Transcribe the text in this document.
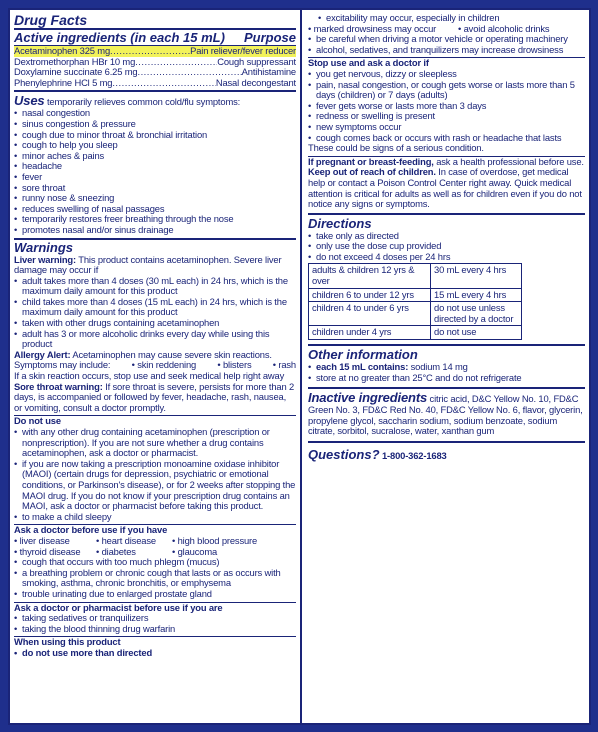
Drug Facts
Active ingredients (in each 15 mL) Purpose
Acetaminophen 325 mg .....	Pain reliever/fever reducer
Dextromethorphan HBr 10 mg .....	Cough suppressant
Doxylamine succinate 6.25 mg .....	Antihistamine
Phenylephrine HCl 5 mg .....	Nasal decongestant
Uses temporarily relieves common cold/flu symptoms:
• nasal congestion
• sinus congestion & pressure
• cough due to minor throat & bronchial irritation
• cough to help you sleep
• minor aches & pains
• headache
• fever
• sore throat
• runny nose & sneezing
• reduces swelling of nasal passages
• temporarily restores freer breathing through the nose
• promotes nasal and/or sinus drainage
Warnings
Liver warning: This product contains acetaminophen. Severe liver damage may occur if
• adult takes more than 4 doses (30 mL each) in 24 hrs, which is the maximum daily amount for this product
• child takes more than 4 doses (15 mL each) in 24 hrs, which is the maximum daily amount for this product
• taken with other drugs containing acetaminophen
• adult has 3 or more alcoholic drinks every day while using this product
Allergy Alert: Acetaminophen may cause severe skin reactions.
Symptoms may include: • skin reddening • blisters • rash
If a skin reaction occurs, stop use and seek medical help right away
Sore throat warning: If sore throat is severe, persists for more than 2 days, is accompanied or followed by fever, headache, rash, nausea, or vomiting, consult a doctor promptly.
Do not use
• with any other drug containing acetaminophen (prescription or nonprescription). If you are not sure whether a drug contains acetaminophen, ask a doctor or pharmacist.
• if you are now taking a prescription monoamine oxidase inhibitor (MAOI) (certain drugs for depression, psychiatric or emotional conditions, or Parkinson's disease), or for 2 weeks after stopping the MAOI drug. If you do not know if your prescription drug contains an MAOI, ask a doctor or pharmacist before taking this product.
• to make a child sleepy
Ask a doctor before use if you have
• liver disease	• heart disease	• high blood pressure
• thyroid disease	• diabetes	• glaucoma
• cough that occurs with too much phlegm (mucus)
• a breathing problem or chronic cough that lasts or as occurs with smoking, asthma, chronic bronchitis, or emphysema
• trouble urinating due to enlarged prostate gland
Ask a doctor or pharmacist before use if you are
• taking sedatives or tranquilizers
• taking the blood thinning drug warfarin
When using this product
• do not use more than directed
• excitability may occur, especially in children
• marked drowsiness may occur	• avoid alcoholic drinks
• be careful when driving a motor vehicle or operating machinery
• alcohol, sedatives, and tranquilizers may increase drowsiness
Stop use and ask a doctor if
• you get nervous, dizzy or sleepless
• pain, nasal congestion, or cough gets worse or lasts more than 5 days (children) or 7 days (adults)
• fever gets worse or lasts more than 3 days
• redness or swelling is present
• new symptoms occur
• cough comes back or occurs with rash or headache that lasts
These could be signs of a serious condition.
If pregnant or breast-feeding, ask a health professional before use. Keep out of reach of children. In case of overdose, get medical help or contact a Poison Control Center right away. Quick medical attention is critical for adults as well as for children even if you do not notice any signs or symptoms.
Directions
• take only as directed
• only use the dose cup provided
• do not exceed 4 doses per 24 hrs
adults & children 12 yrs & over	30 mL every 4 hrs
children 6 to under 12 yrs	15 mL every 4 hrs
children 4 to under 6 yrs	do not use unless directed by a doctor
children under 4 yrs	do not use
Other information
• each 15 mL contains: sodium 14 mg
• store at no greater than 25°C and do not refrigerate
Inactive ingredients citric acid, D&C Yellow No. 10, FD&C Green No. 3, FD&C Red No. 40, FD&C Yellow No. 6, flavor, glycerin, propylene glycol, saccharin sodium, sodium benzoate, sodium citrate, sorbitol, sucralose, water, xanthan gum
Questions? 1-800-362-1683
